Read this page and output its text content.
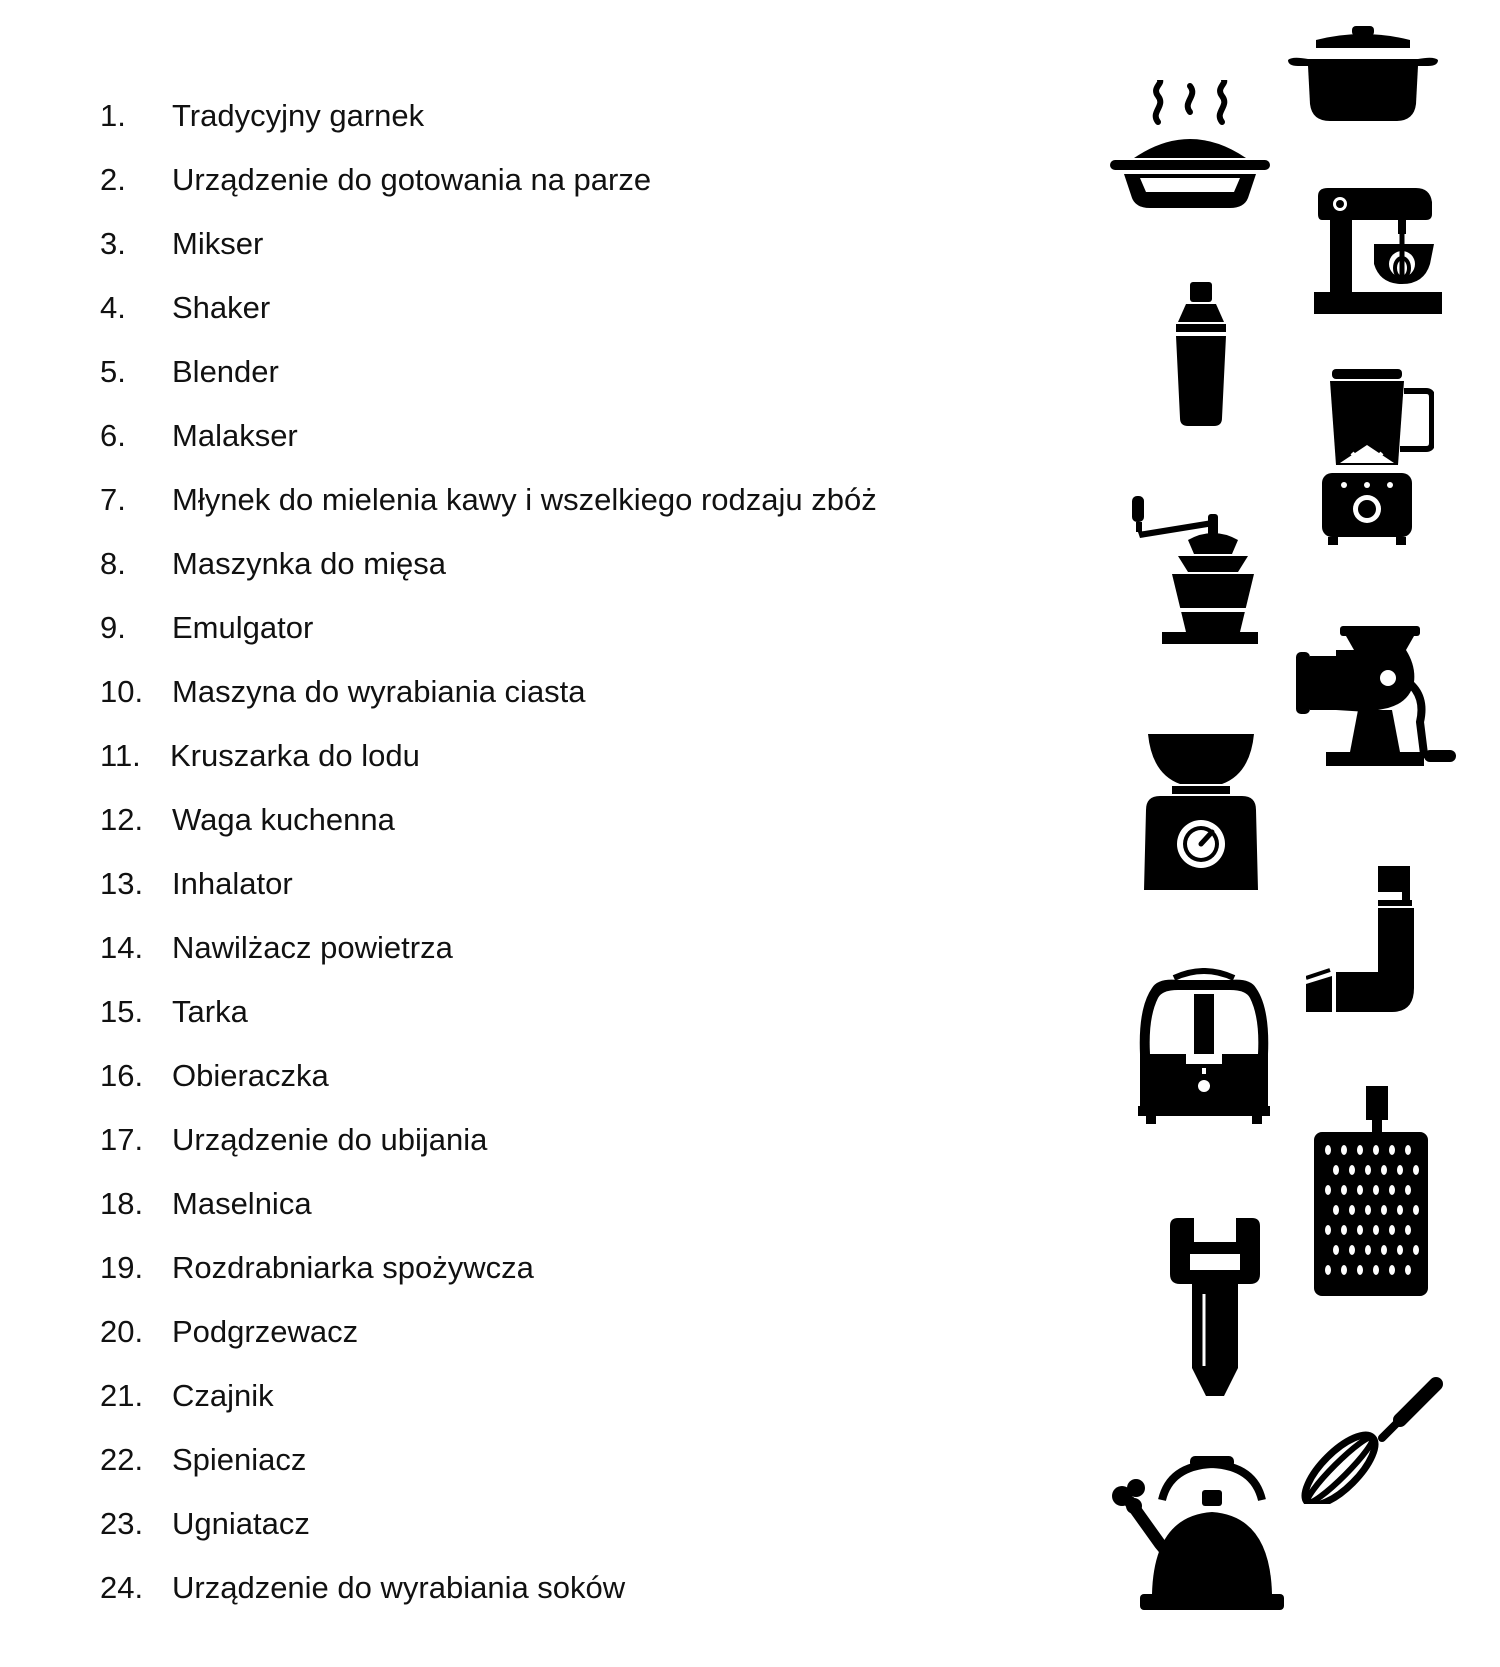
1.	Tradycyjny garnek
2.	Urządzenie do gotowania na parze
3.	Mikser
4.	Shaker
5.	Blender
6.	Malakser
7.	Młynek do mielenia kawy i wszelkiego rodzaju zbóż
8.	Maszynka do mięsa
9.	Emulgator
10. Maszyna do wyrabiania ciasta
11. Kruszarka do lodu
12. Waga kuchenna
13. Inhalator
14. Nawilżacz powietrza
15. Tarka
16. Obieraczka
17. Urządzenie do ubijania
18. Maselnica
19. Rozdrabniarka spożywcza
20. Podgrzewacz
21. Czajnik
22. Spieniacz
23. Ugniatacz
24. Urządzenie do wyrabiania soków
